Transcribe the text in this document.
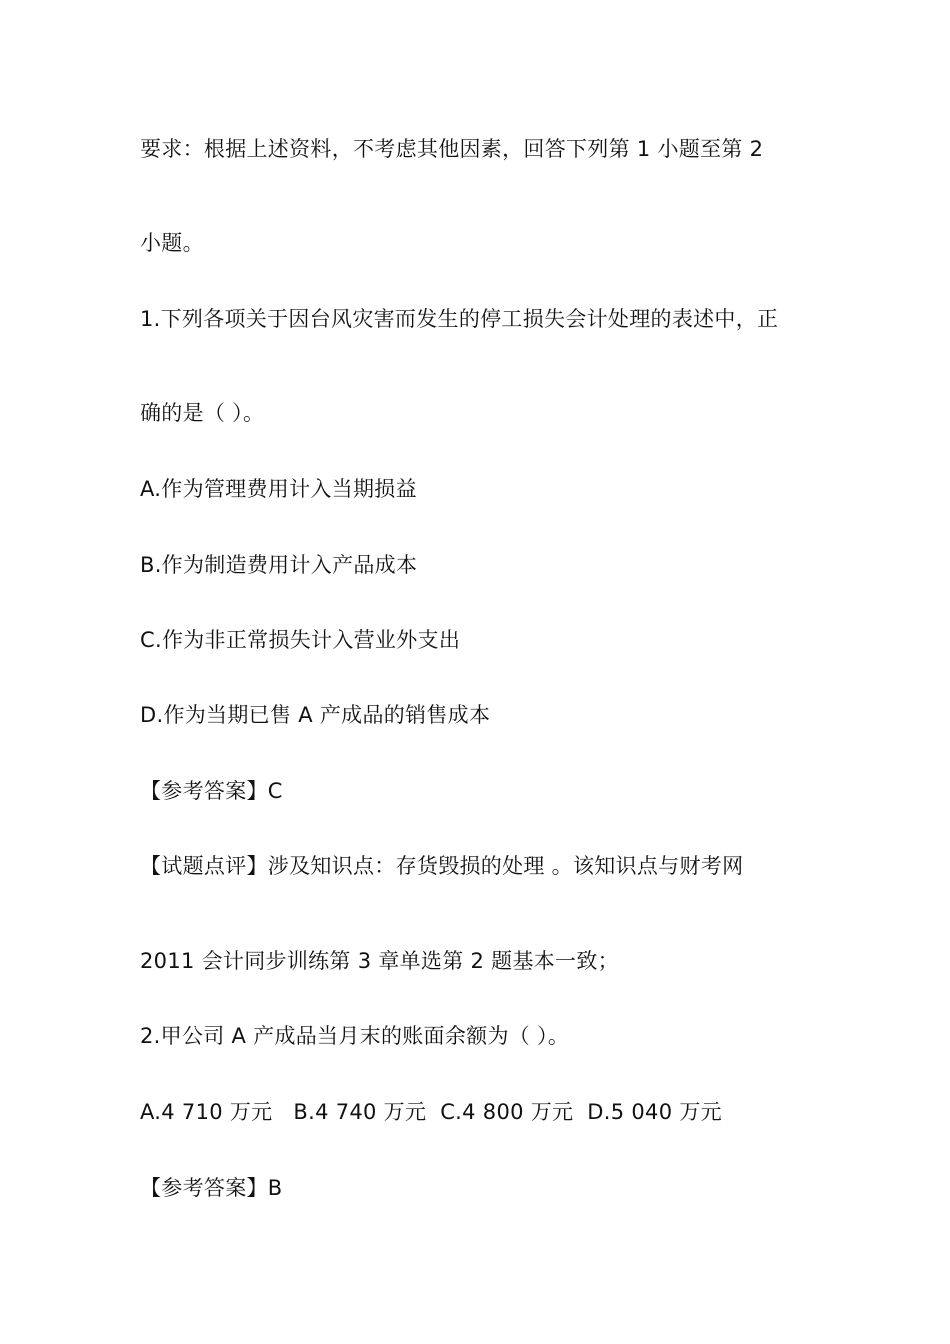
要求：根据上述资料，不考虑其他因素，回答下列第 1 小题至第 2
小题。
1.下列各项关于因台风灾害而发生的停工损失会计处理的表述中，正
确的是（ ）。
A.作为管理费用计入当期损益
B.作为制造费用计入产品成本
C.作为非正常损失计入营业外支出
D.作为当期已售 A 产成品的销售成本
【参考答案】C
【试题点评】涉及知识点：存货毁损的处理 。该知识点与财考网
2011 会计同步训练第 3 章单选第 2 题基本一致；
2.甲公司 A 产成品当月末的账面余额为（ ）。
A.4 710 万元   B.4 740 万元  C.4 800 万元  D.5 040 万元
【参考答案】B
